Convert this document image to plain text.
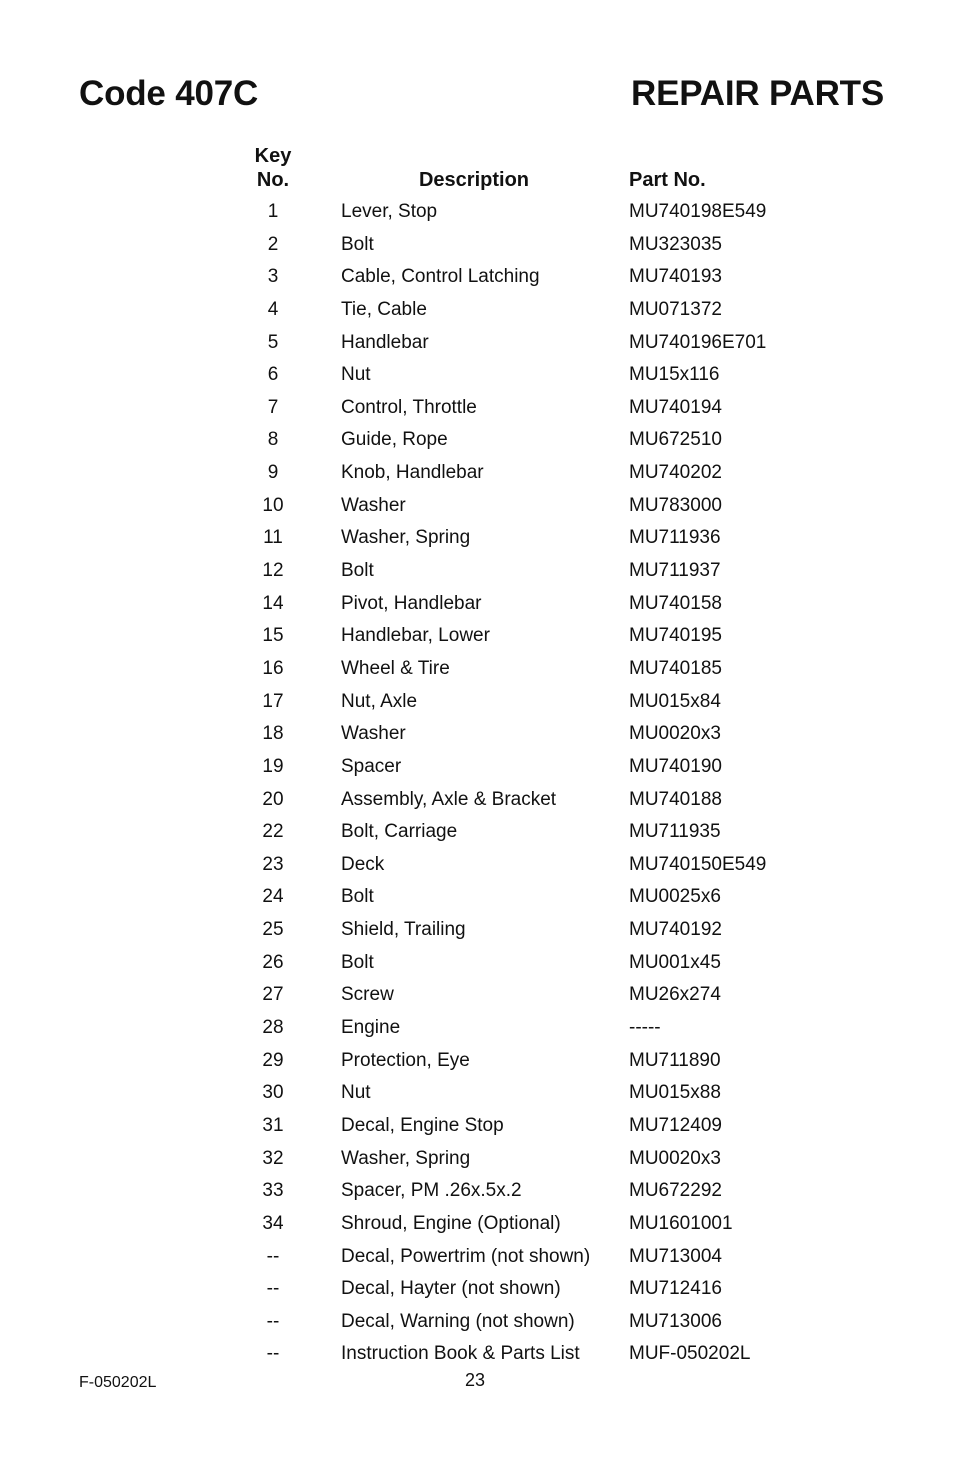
Code 407C	REPAIR PARTS
Key
No.	Description	Part No.
1	Lever, Stop	MU740198E549
2	Bolt	MU323035
3	Cable, Control Latching	MU740193
4	Tie, Cable	MU071372
5	Handlebar	MU740196E701
6	Nut	MU15x116
7	Control, Throttle	MU740194
8	Guide, Rope	MU672510
9	Knob, Handlebar	MU740202
10	Washer	MU783000
11	Washer, Spring	MU711936
12	Bolt	MU711937
14	Pivot, Handlebar	MU740158
15	Handlebar, Lower	MU740195
16	Wheel & Tire	MU740185
17	Nut, Axle	MU015x84
18	Washer	MU0020x3
19	Spacer	MU740190
20	Assembly, Axle & Bracket	MU740188
22	Bolt, Carriage	MU711935
23	Deck	MU740150E549
24	Bolt	MU0025x6
25	Shield, Trailing	MU740192
26	Bolt	MU001x45
27	Screw	MU26x274
28	Engine	-----
29	Protection, Eye	MU711890
30	Nut	MU015x88
31	Decal, Engine Stop	MU712409
32	Washer, Spring	MU0020x3
33	Spacer, PM .26x.5x.2	MU672292
34	Shroud, Engine (Optional)	MU1601001
--	Decal, Powertrim (not shown) MU713004
--	Decal, Hayter (not shown)	MU712416
--	Decal, Warning (not shown)	MU713006
--	Instruction Book & Parts List	MUF-050202L
F-050202L	23
